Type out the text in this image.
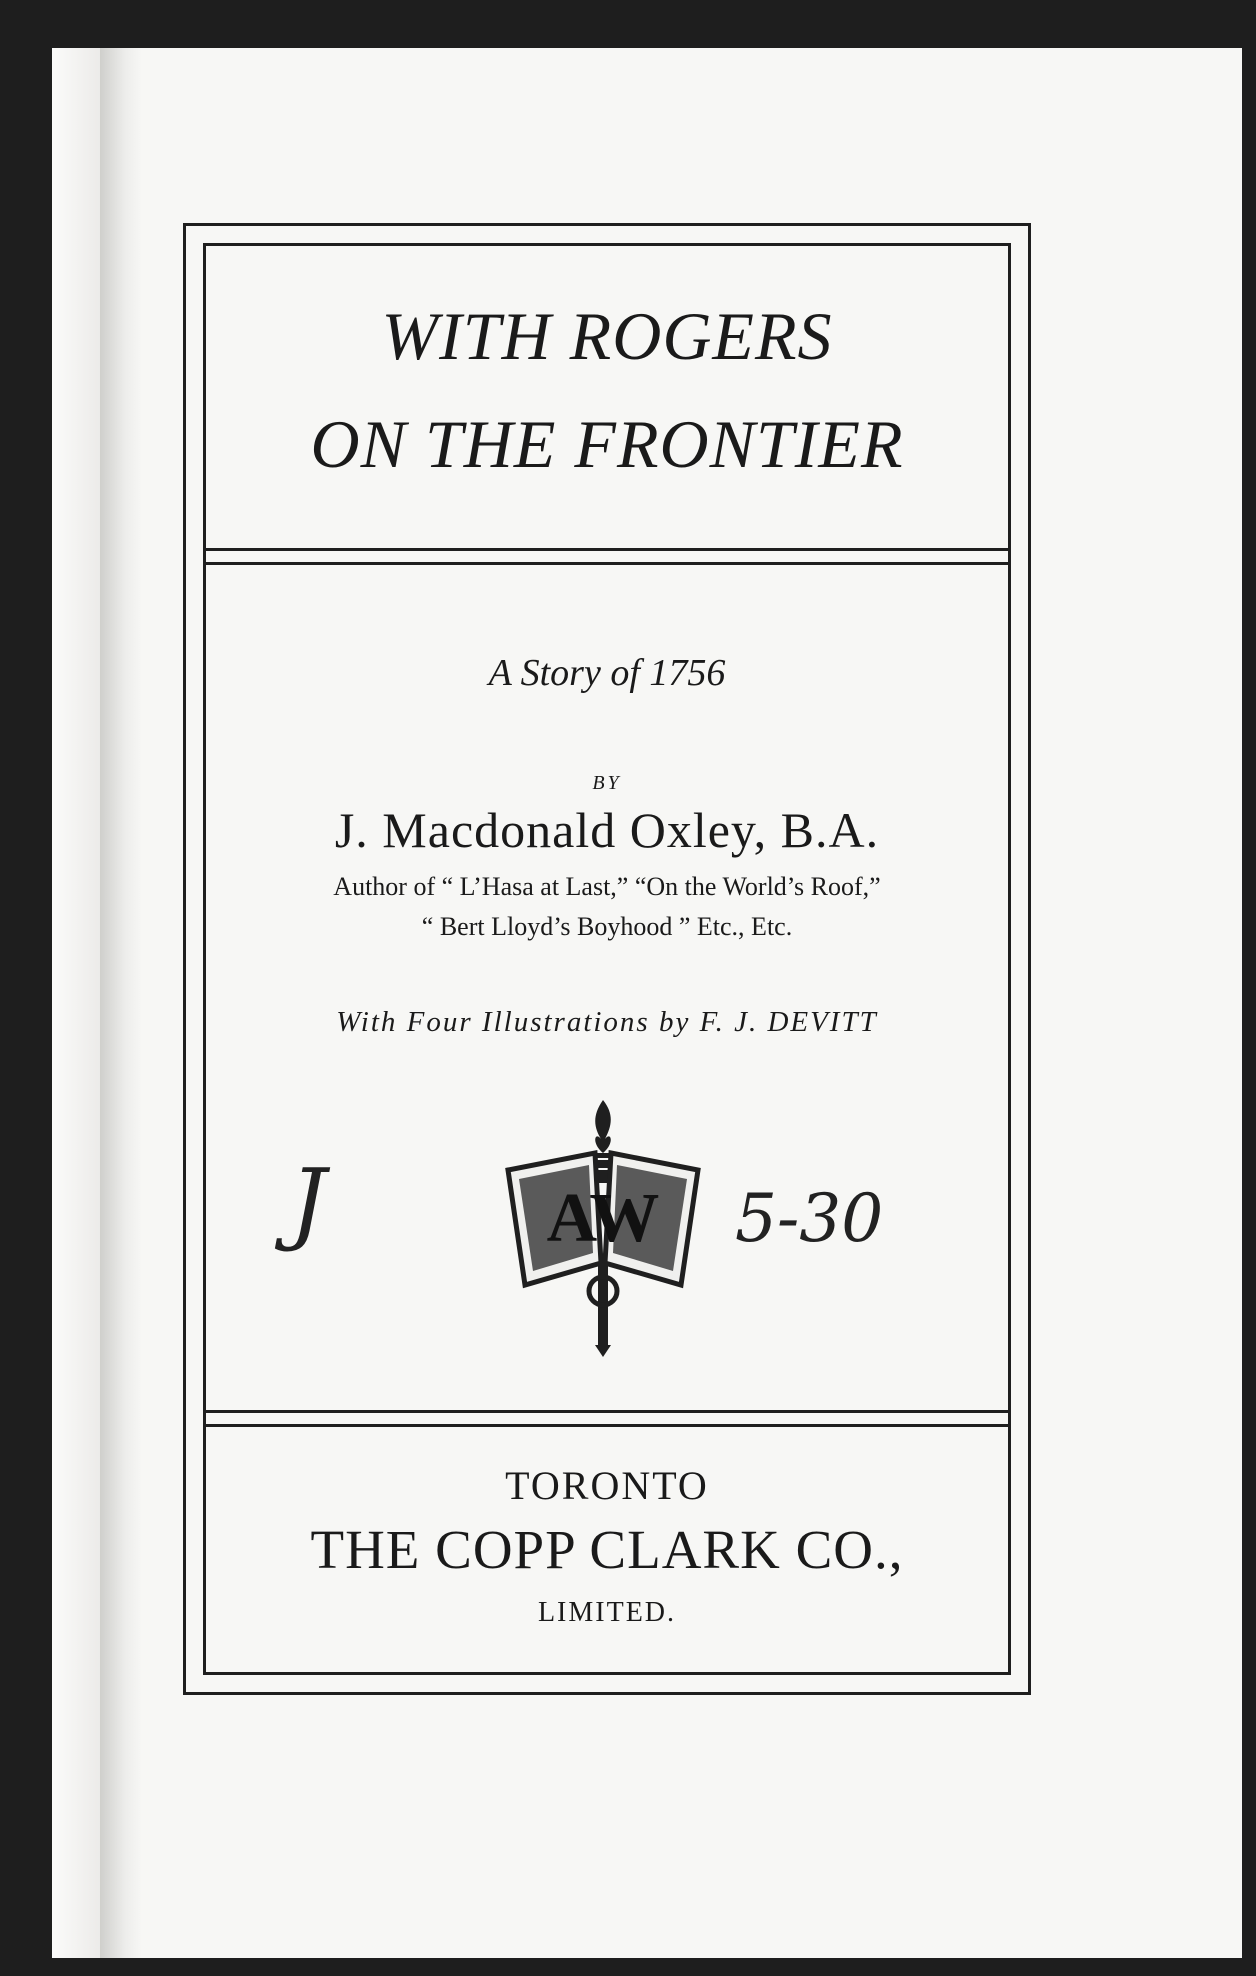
WITH ROGERS
ON THE FRONTIER
A Story of 1756
BY
J. Macdonald Oxley, B.A.
Author of “ L’Hasa at Last,” “On the World’s Roof,”
“ Bert Lloyd’s Boyhood ” Etc., Etc.
With Four Illustrations by F. J. DEVITT
J	5-30
AW
TORONTO
THE COPP CLARK CO.,
LIMITED.
